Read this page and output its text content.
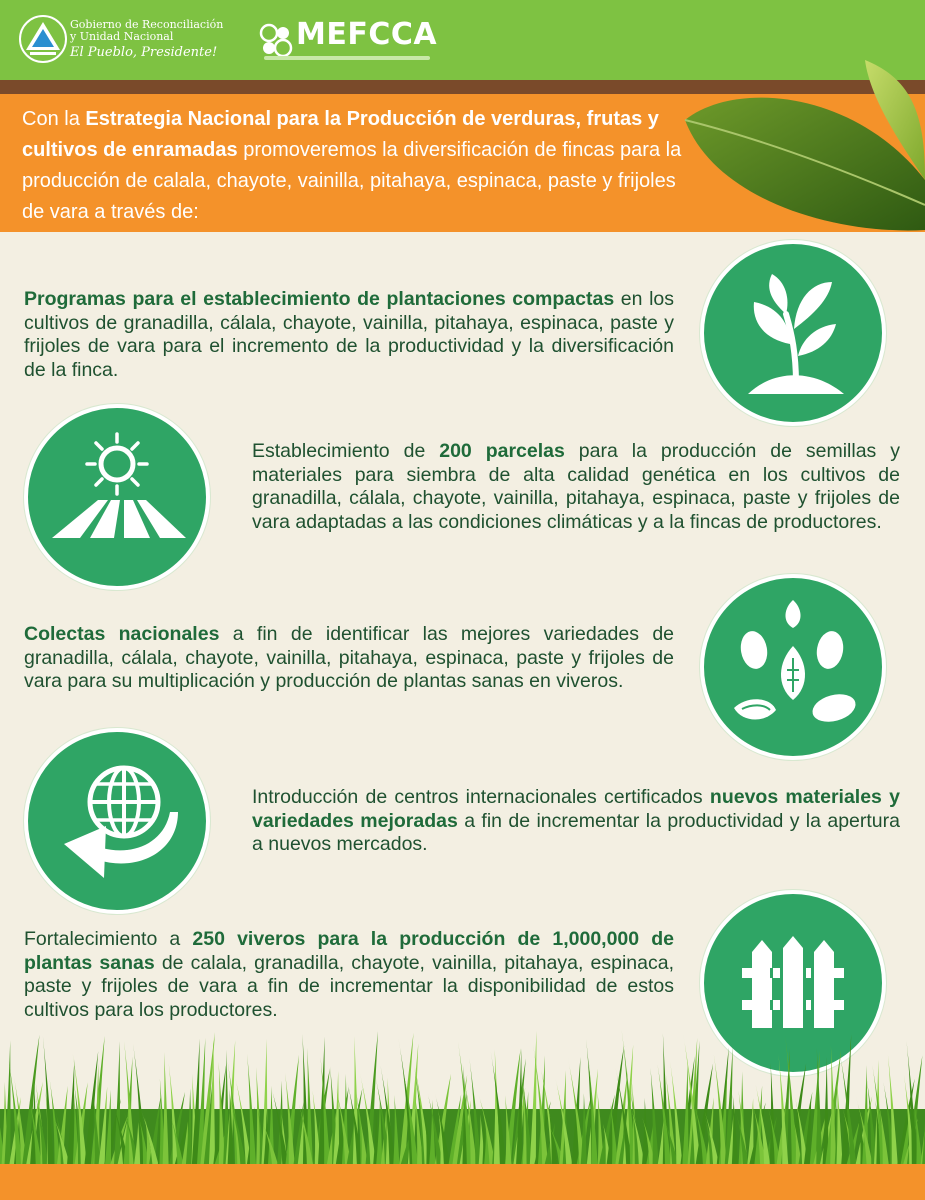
Gobierno de Reconciliación
y Unidad Nacional
El Pueblo, Presidente!
MEFCCA
Con la Estrategia Nacional para la Producción de verduras, frutas y cultivos de enramadas promoveremos la diversificación de fincas para la producción de calala, chayote, vainilla, pitahaya, espinaca, paste y frijoles de vara a través de:
Programas para el establecimiento de plantaciones compactas en los cultivos de granadilla, cálala, chayote, vainilla, pitahaya, espinaca, paste y frijoles de vara para el incremento de la productividad y la diversificación de la finca.
Establecimiento de 200 parcelas para la producción de semillas y materiales para siembra de alta calidad genética en los cultivos de granadilla, cálala, chayote, vainilla, pitahaya, espinaca, paste y frijoles de vara adaptadas a las condiciones climáticas y a la fincas de productores.
Colectas nacionales a fin de identificar las mejores variedades de granadilla, cálala, chayote, vainilla, pitahaya, espinaca, paste y frijoles de vara para su multiplicación y producción de plantas sanas en viveros.
Introducción de centros internacionales certificados nuevos materiales y variedades mejoradas a fin de incrementar la productividad y la apertura a nuevos mercados.
Fortalecimiento a 250 viveros para la producción de 1,000,000 de plantas sanas de calala, granadilla, chayote, vainilla, pitahaya, espinaca, paste y frijoles de vara a fin de incrementar la disponibilidad de estos cultivos para los productores.
